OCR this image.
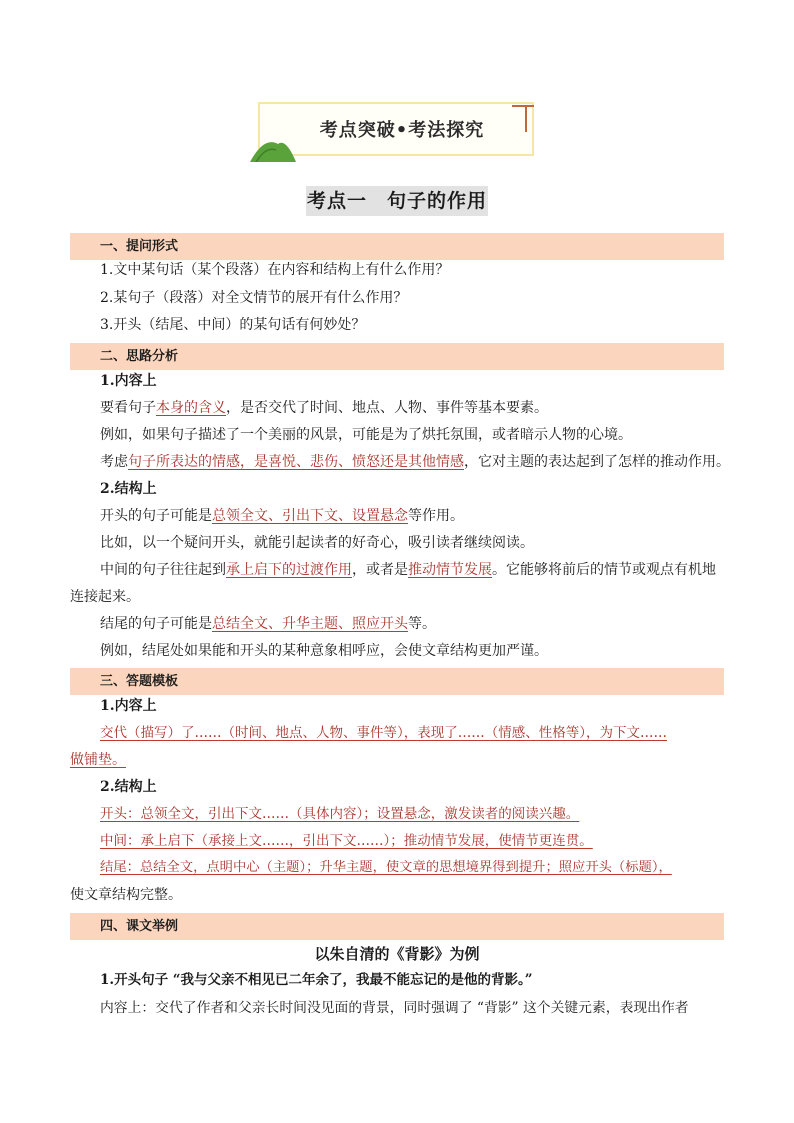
考点突破•考法探究
考点一　句子的作用
一、提问形式
1.文中某句话（某个段落）在内容和结构上有什么作用？
2.某句子（段落）对全文情节的展开有什么作用？
3.开头（结尾、中间）的某句话有何妙处？
二、思路分析
1.内容上
要看句子本身的含义，是否交代了时间、地点、人物、事件等基本要素。
例如，如果句子描述了一个美丽的风景，可能是为了烘托氛围，或者暗示人物的心境。
考虑句子所表达的情感，是喜悦、悲伤、愤怒还是其他情感，它对主题的表达起到了怎样的推动作用。
2.结构上
开头的句子可能是总领全文、引出下文、设置悬念等作用。
比如，以一个疑问开头，就能引起读者的好奇心，吸引读者继续阅读。
中间的句子往往起到承上启下的过渡作用，或者是推动情节发展。它能够将前后的情节或观点有机地
连接起来。
结尾的句子可能是总结全文、升华主题、照应开头等。
例如，结尾处如果能和开头的某种意象相呼应，会使文章结构更加严谨。
三、答题模板
1.内容上
交代（描写）了……（时间、地点、人物、事件等），表现了……（情感、性格等），为下文……
做铺垫。
2.结构上
开头：总领全文，引出下文……（具体内容）；设置悬念，激发读者的阅读兴趣。
中间：承上启下（承接上文……，引出下文……）；推动情节发展，使情节更连贯。
结尾：总结全文，点明中心（主题）；升华主题，使文章的思想境界得到提升；照应开头（标题），
使文章结构完整。
四、课文举例
以朱自清的《背影》为例
1.开头句子 “我与父亲不相见已二年余了，我最不能忘记的是他的背影。”
内容上：交代了作者和父亲长时间没见面的背景，同时强调了 “背影” 这个关键元素，表现出作者
